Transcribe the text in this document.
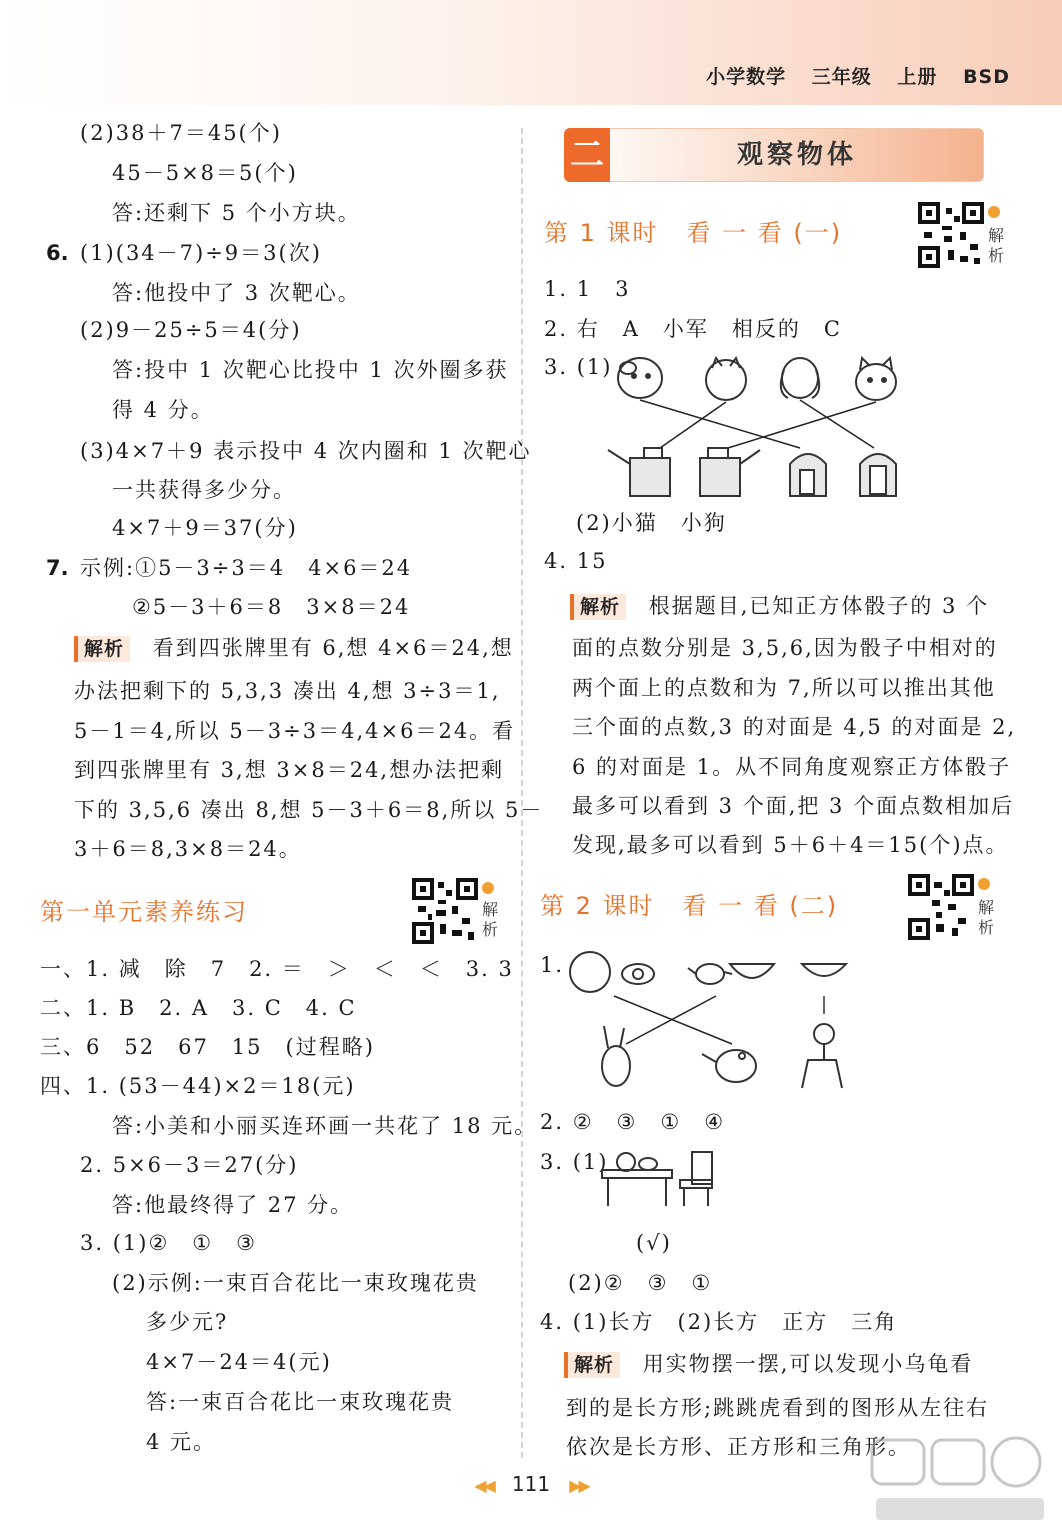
小学数学 三年级 上册 BSD
(2)38＋7＝45(个)
45－5×8＝5(个)
答:还剩下 5 个小方块。
6. (1)(34－7)÷9＝3(次)
答:他投中了 3 次靶心。
(2)9－25÷5＝4(分)
答:投中 1 次靶心比投中 1 次外圈多获
得 4 分。
(3)4×7＋9 表示投中 4 次内圈和 1 次靶心
一共获得多少分。
4×7＋9＝37(分)
7. 示例:①5－3÷3＝4　4×6＝24
②5－3＋6＝8　3×8＝24
解析 看到四张牌里有 6,想 4×6＝24,想
办法把剩下的 5,3,3 凑出 4,想 3÷3＝1,
5－1＝4,所以 5－3÷3＝4,4×6＝24。看
到四张牌里有 3,想 3×8＝24,想办法把剩
下的 3,5,6 凑出 8,想 5－3＋6＝8,所以 5－
3＋6＝8,3×8＝24。
第一单元素养练习	解析
一、1. 减　除　7　2. ＝　＞　＜　＜　3. 3
二、1. B　2. A　3. C　4. C
三、6　52　67　15　(过程略)
四、1. (53－44)×2＝18(元)
答:小美和小丽买连环画一共花了 18 元。
2. 5×6－3＝27(分)
答:他最终得了 27 分。
3. (1)②　①　③
(2)示例:一束百合花比一束玫瑰花贵
多少元?
4×7－24＝4(元)
答:一束百合花比一束玫瑰花贵
4 元。
二	观察物体
第 1 课时 看 一 看 (一)	解析
1. 1　3
2. 右　A　小军　相反的　C
3. (1)
(2)小猫　小狗
4. 15
解析 根据题目,已知正方体骰子的 3 个
面的点数分别是 3,5,6,因为骰子中相对的
两个面上的点数和为 7,所以可以推出其他
三个面的点数,3 的对面是 4,5 的对面是 2,
6 的对面是 1。从不同角度观察正方体骰子
最多可以看到 3 个面,把 3 个面点数相加后
发现,最多可以看到 5＋6＋4＝15(个)点。
第 2 课时 看 一 看 (二)	解析
1.
2. ②　③　①　④
3. (1)
(√)
(2)②　③　①
4. (1)长方　(2)长方　正方　三角
解析 用实物摆一摆,可以发现小乌龟看
到的是长方形;跳跳虎看到的图形从左往右
依次是长方形、正方形和三角形。
◀◀ 111 ▶▶
